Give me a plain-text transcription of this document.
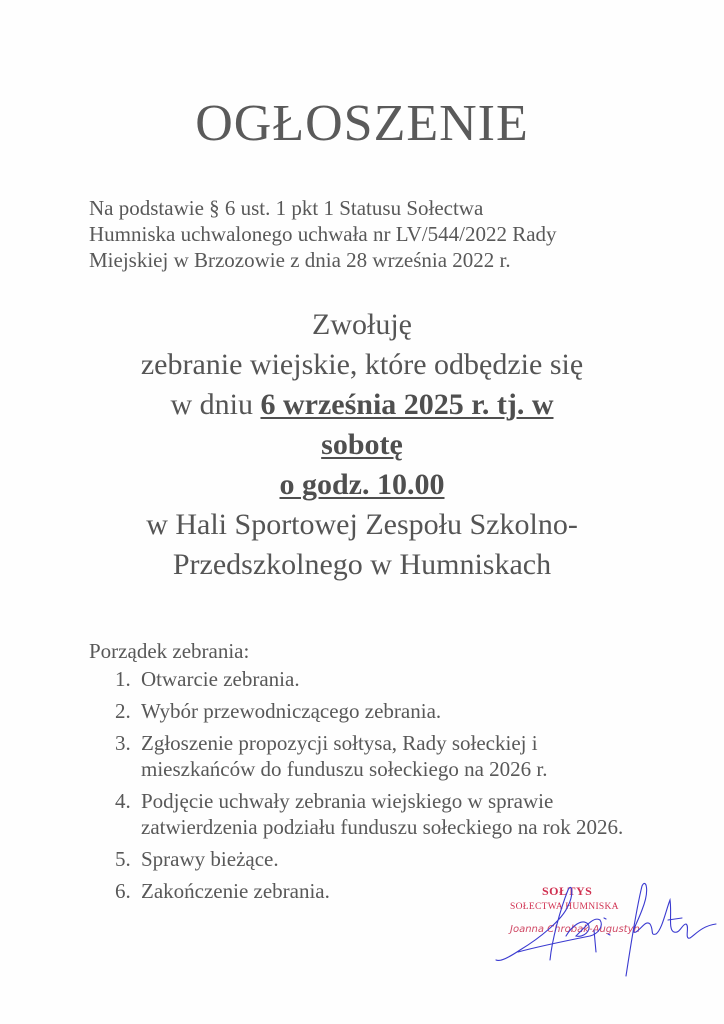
OGŁOSZENIE
Na podstawie § 6 ust. 1 pkt 1 Statusu Sołectwa
Humniska uchwalonego uchwała nr LV/544/2022 Rady
Miejskiej w Brzozowie z dnia 28 września 2022 r.
Zwołuję
zebranie wiejskie, które odbędzie się
w dniu 6 września 2025 r. tj. w
sobotę
o godz. 10.00
w Hali Sportowej Zespołu Szkolno-
Przedszkolnego w Humniskach
Porządek zebrania:
1. Otwarcie zebrania.
2. Wybór przewodniczącego zebrania.
3. Zgłoszenie propozycji sołtysa, Rady sołeckiej i mieszkańców do funduszu sołeckiego na 2026 r.
4. Podjęcie uchwały zebrania wiejskiego w sprawie zatwierdzenia podziału funduszu sołeckiego na rok 2026.
5. Sprawy bieżące.
6. Zakończenie zebrania.	SOŁTYS
SOŁECTWA HUMNISKA
Joanna Chrobak-Augustyn
